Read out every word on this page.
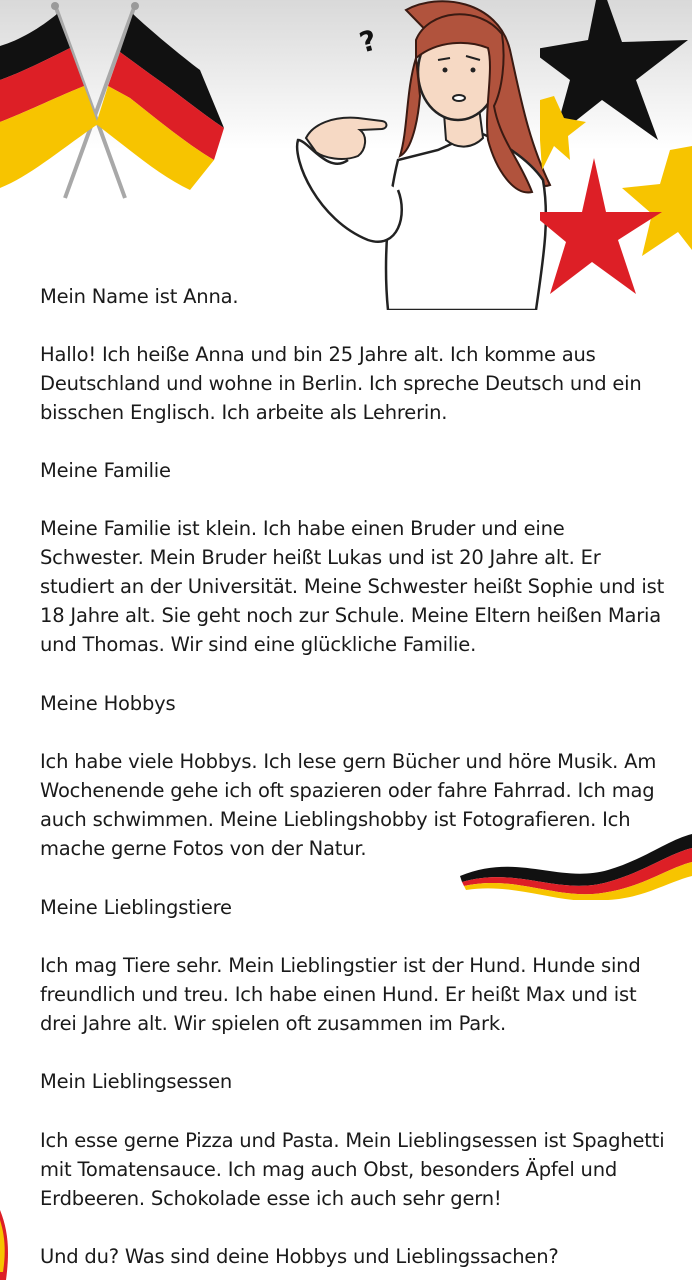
?
Mein Name ist Anna.
Hallo! Ich heiße Anna und bin 25 Jahre alt. Ich komme aus
Deutschland und wohne in Berlin. Ich spreche Deutsch und ein
bisschen Englisch. Ich arbeite als Lehrerin.
Meine Familie
Meine Familie ist klein. Ich habe einen Bruder und eine
Schwester. Mein Bruder heißt Lukas und ist 20 Jahre alt. Er
studiert an der Universität. Meine Schwester heißt Sophie und ist
18 Jahre alt. Sie geht noch zur Schule. Meine Eltern heißen Maria
und Thomas. Wir sind eine glückliche Familie.
Meine Hobbys
Ich habe viele Hobbys. Ich lese gern Bücher und höre Musik. Am
Wochenende gehe ich oft spazieren oder fahre Fahrrad. Ich mag
auch schwimmen. Meine Lieblingshobby ist Fotografieren. Ich
mache gerne Fotos von der Natur.
Meine Lieblingstiere
Ich mag Tiere sehr. Mein Lieblingstier ist der Hund. Hunde sind
freundlich und treu. Ich habe einen Hund. Er heißt Max und ist
drei Jahre alt. Wir spielen oft zusammen im Park.
Mein Lieblingsessen
Ich esse gerne Pizza und Pasta. Mein Lieblingsessen ist Spaghetti
mit Tomatensauce. Ich mag auch Obst, besonders Äpfel und
Erdbeeren. Schokolade esse ich auch sehr gern!
Und du? Was sind deine Hobbys und Lieblingssachen?
